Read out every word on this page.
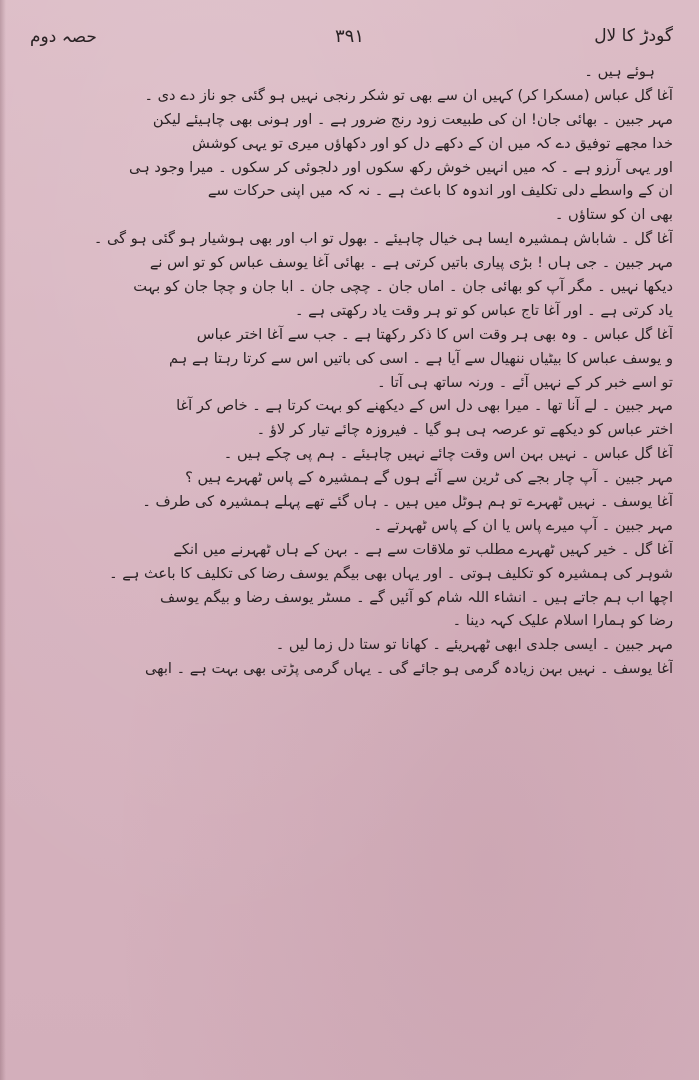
گودڑ کا لال
۳۹۱
حصہ دوم
ہوئے ہیں ۔
آغا گل عباس (مسکرا کر) کہیں ان سے بھی تو شکر رنجی نہیں ہو گئی جو ناز دے دی ۔
مہر جبین ۔ بھائی جان! ان کی طبیعت زود رنج ضرور ہے ۔ اور ہونی بھی چاہیئے لیکن
خدا مجھے توفیق دے کہ میں ان کے دکھے دل کو اور دکھاؤں میری تو یہی کوشش
اور یہی آرزو ہے ۔ کہ میں انہیں خوش رکھ سکوں اور دلجوئی کر سکوں ۔ میرا وجود ہی
ان کے واسطے دلی تکلیف اور اندوہ کا باعث ہے ۔ نہ کہ میں اپنی حرکات سے
بھی ان کو ستاؤں ۔
آغا گل ۔ شاباش ہمشیرہ ایسا ہی خیال چاہیئے ۔ بھول تو اب اور بھی ہوشیار ہو گئی ہو گی ۔
مہر جبین ۔ جی ہاں ! بڑی پیاری باتیں کرتی ہے ۔ بھائی آغا یوسف عباس کو تو اس نے
دیکھا نہیں ۔ مگر آپ کو بھائی جان ۔ اماں جان ۔ چچی جان ۔ ابا جان و چچا جان کو بہت
یاد کرتی ہے ۔ اور آغا تاج عباس کو تو ہر وقت یاد رکھتی ہے ۔
آغا گل عباس ۔ وہ بھی ہر وقت اس کا ذکر رکھتا ہے ۔ جب سے آغا اختر عباس
و یوسف عباس کا بیٹیاں ننھیال سے آیا ہے ۔ اسی کی باتیں اس سے کرتا رہتا ہے ہم
تو اسے خبر کر کے نہیں آئے ۔ ورنہ ساتھ ہی آتا ۔
مہر جبین ۔ لے آنا تھا ۔ میرا بھی دل اس کے دیکھنے کو بہت کرتا ہے ۔ خاص کر آغا
اختر عباس کو دیکھے تو عرصہ ہی ہو گیا ۔ فیروزہ چائے تیار کر لاؤ ۔
آغا گل عباس ۔ نہیں بہن اس وقت چائے نہیں چاہیئے ۔ ہم پی چکے ہیں ۔
مہر جبین ۔ آپ چار بجے کی ٹرین سے آئے ہوں گے ہمشیرہ کے پاس ٹھہرے ہیں ؟
آغا یوسف ۔ نہیں ٹھہرے تو ہم ہوٹل میں ہیں ۔ ہاں گئے تھے پہلے ہمشیرہ کی طرف ۔
مہر جبین ۔ آپ میرے پاس یا ان کے پاس ٹھہرتے ۔
آغا گل ۔ خیر کہیں ٹھہرے مطلب تو ملاقات سے ہے ۔ بہن کے ہاں ٹھہرنے میں انکے
شوہر کی ہمشیرہ کو تکلیف ہوتی ۔ اور یہاں بھی بیگم یوسف رضا کی تکلیف کا باعث ہے ۔
اچھا اب ہم جاتے ہیں ۔ انشاء اللہ شام کو آئیں گے ۔ مسٹر یوسف رضا و بیگم یوسف
رضا کو ہمارا اسلام علیک کہہ دینا ۔
مہر جبین ۔ ایسی جلدی ابھی ٹھہریئے ۔ کھانا تو ستا دل زما لیں ۔
آغا یوسف ۔ نہیں بہن زیادہ گرمی ہو جائے گی ۔ یہاں گرمی پڑتی بھی بہت ہے ۔ ابھی
